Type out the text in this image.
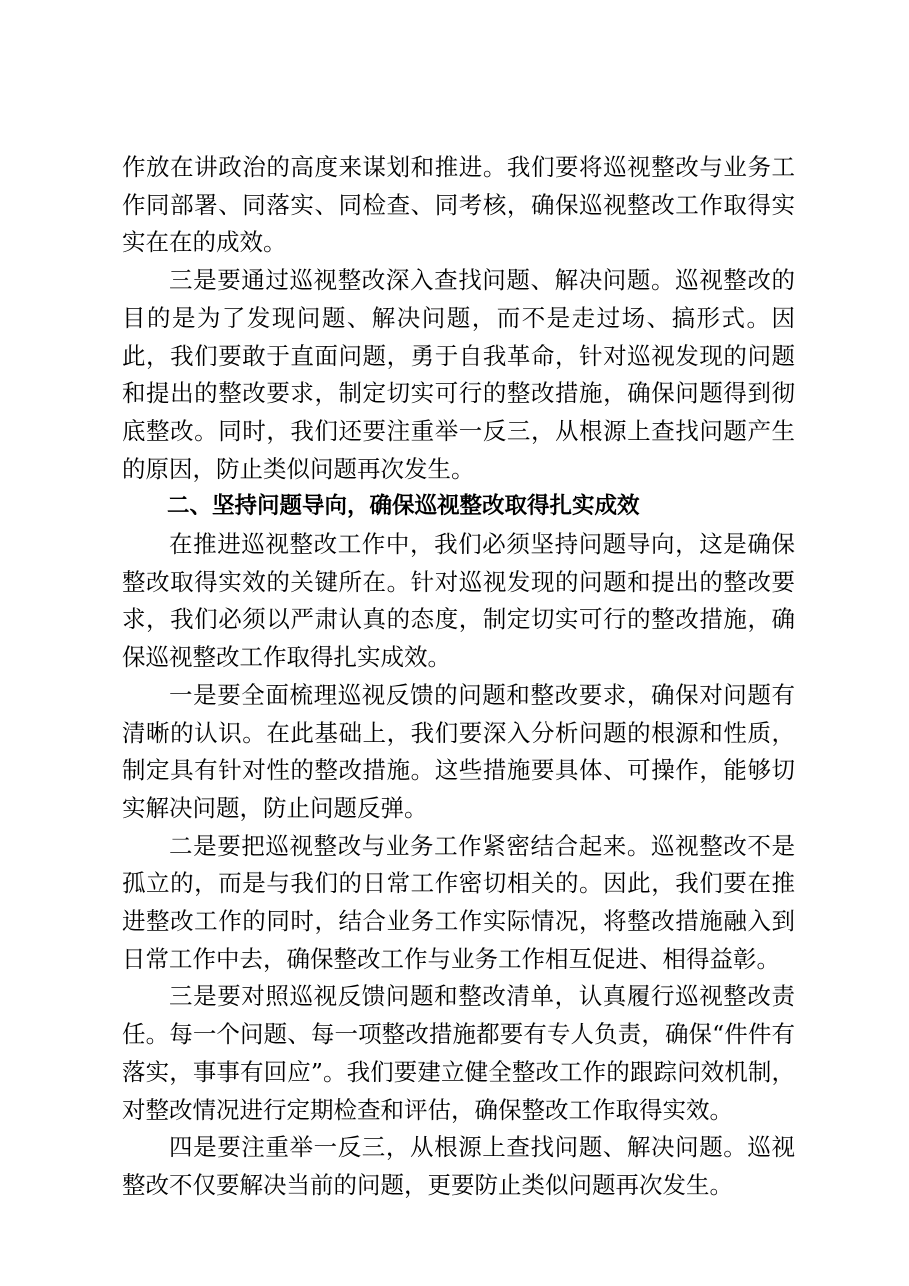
作放在讲政治的高度来谋划和推进。我们要将巡视整改与业务工作同部署、同落实、同检查、同考核，确保巡视整改工作取得实实在在的成效。

三是要通过巡视整改深入查找问题、解决问题。巡视整改的目的是为了发现问题、解决问题，而不是走过场、搞形式。因此，我们要敢于直面问题，勇于自我革命，针对巡视发现的问题和提出的整改要求，制定切实可行的整改措施，确保问题得到彻底整改。同时，我们还要注重举一反三，从根源上查找问题产生的原因，防止类似问题再次发生。

二、坚持问题导向，确保巡视整改取得扎实成效

在推进巡视整改工作中，我们必须坚持问题导向，这是确保整改取得实效的关键所在。针对巡视发现的问题和提出的整改要求，我们必须以严肃认真的态度，制定切实可行的整改措施，确保巡视整改工作取得扎实成效。

一是要全面梳理巡视反馈的问题和整改要求，确保对问题有清晰的认识。在此基础上，我们要深入分析问题的根源和性质，制定具有针对性的整改措施。这些措施要具体、可操作，能够切实解决问题，防止问题反弹。

二是要把巡视整改与业务工作紧密结合起来。巡视整改不是孤立的，而是与我们的日常工作密切相关的。因此，我们要在推进整改工作的同时，结合业务工作实际情况，将整改措施融入到日常工作中去，确保整改工作与业务工作相互促进、相得益彰。

三是要对照巡视反馈问题和整改清单，认真履行巡视整改责任。每一个问题、每一项整改措施都要有专人负责，确保“件件有落实，事事有回应”。我们要建立健全整改工作的跟踪问效机制，对整改情况进行定期检查和评估，确保整改工作取得实效。

四是要注重举一反三，从根源上查找问题、解决问题。巡视整改不仅要解决当前的问题，更要防止类似问题再次发生。
